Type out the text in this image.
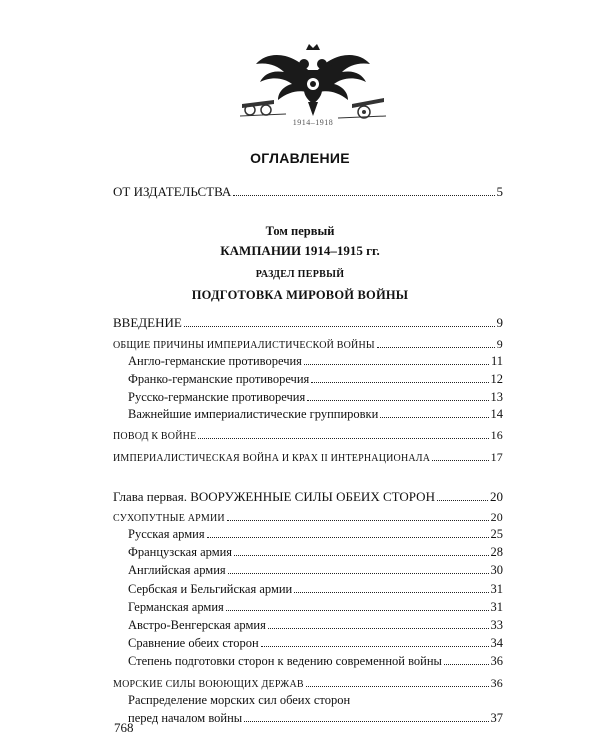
1914–1918
ОГЛАВЛЕНИЕ
ОТ ИЗДАТЕЛЬСТВА	5
Том первый
КАМПАНИИ 1914–1915 гг.
РАЗДЕЛ ПЕРВЫЙ
ПОДГОТОВКА МИРОВОЙ ВОЙНЫ
ВВЕДЕНИЕ	9
ОБЩИЕ ПРИЧИНЫ ИМПЕРИАЛИСТИЧЕСКОЙ ВОЙНЫ	9
Англо-германские противоречия	11
Франко-германские противоречия	12
Русско-германские противоречия	13
Важнейшие империалистические группировки	14
ПОВОД К ВОЙНЕ	16
ИМПЕРИАЛИСТИЧЕСКАЯ ВОЙНА И КРАХ II ИНТЕРНАЦИОНАЛА	17
Глава первая. ВООРУЖЕННЫЕ СИЛЫ ОБЕИХ СТОРОН	20
СУХОПУТНЫЕ АРМИИ	20
Русская армия	25
Французская армия	28
Английская армия	30
Сербская и Бельгийская армии	31
Германская армия	31
Австро-Венгерская армия	33
Сравнение обеих сторон	34
Степень подготовки сторон к ведению современной войны	36
МОРСКИЕ СИЛЫ ВОЮЮЩИХ ДЕРЖАВ	36
Распределение морских сил обеих сторон
перед началом войны	37
768
